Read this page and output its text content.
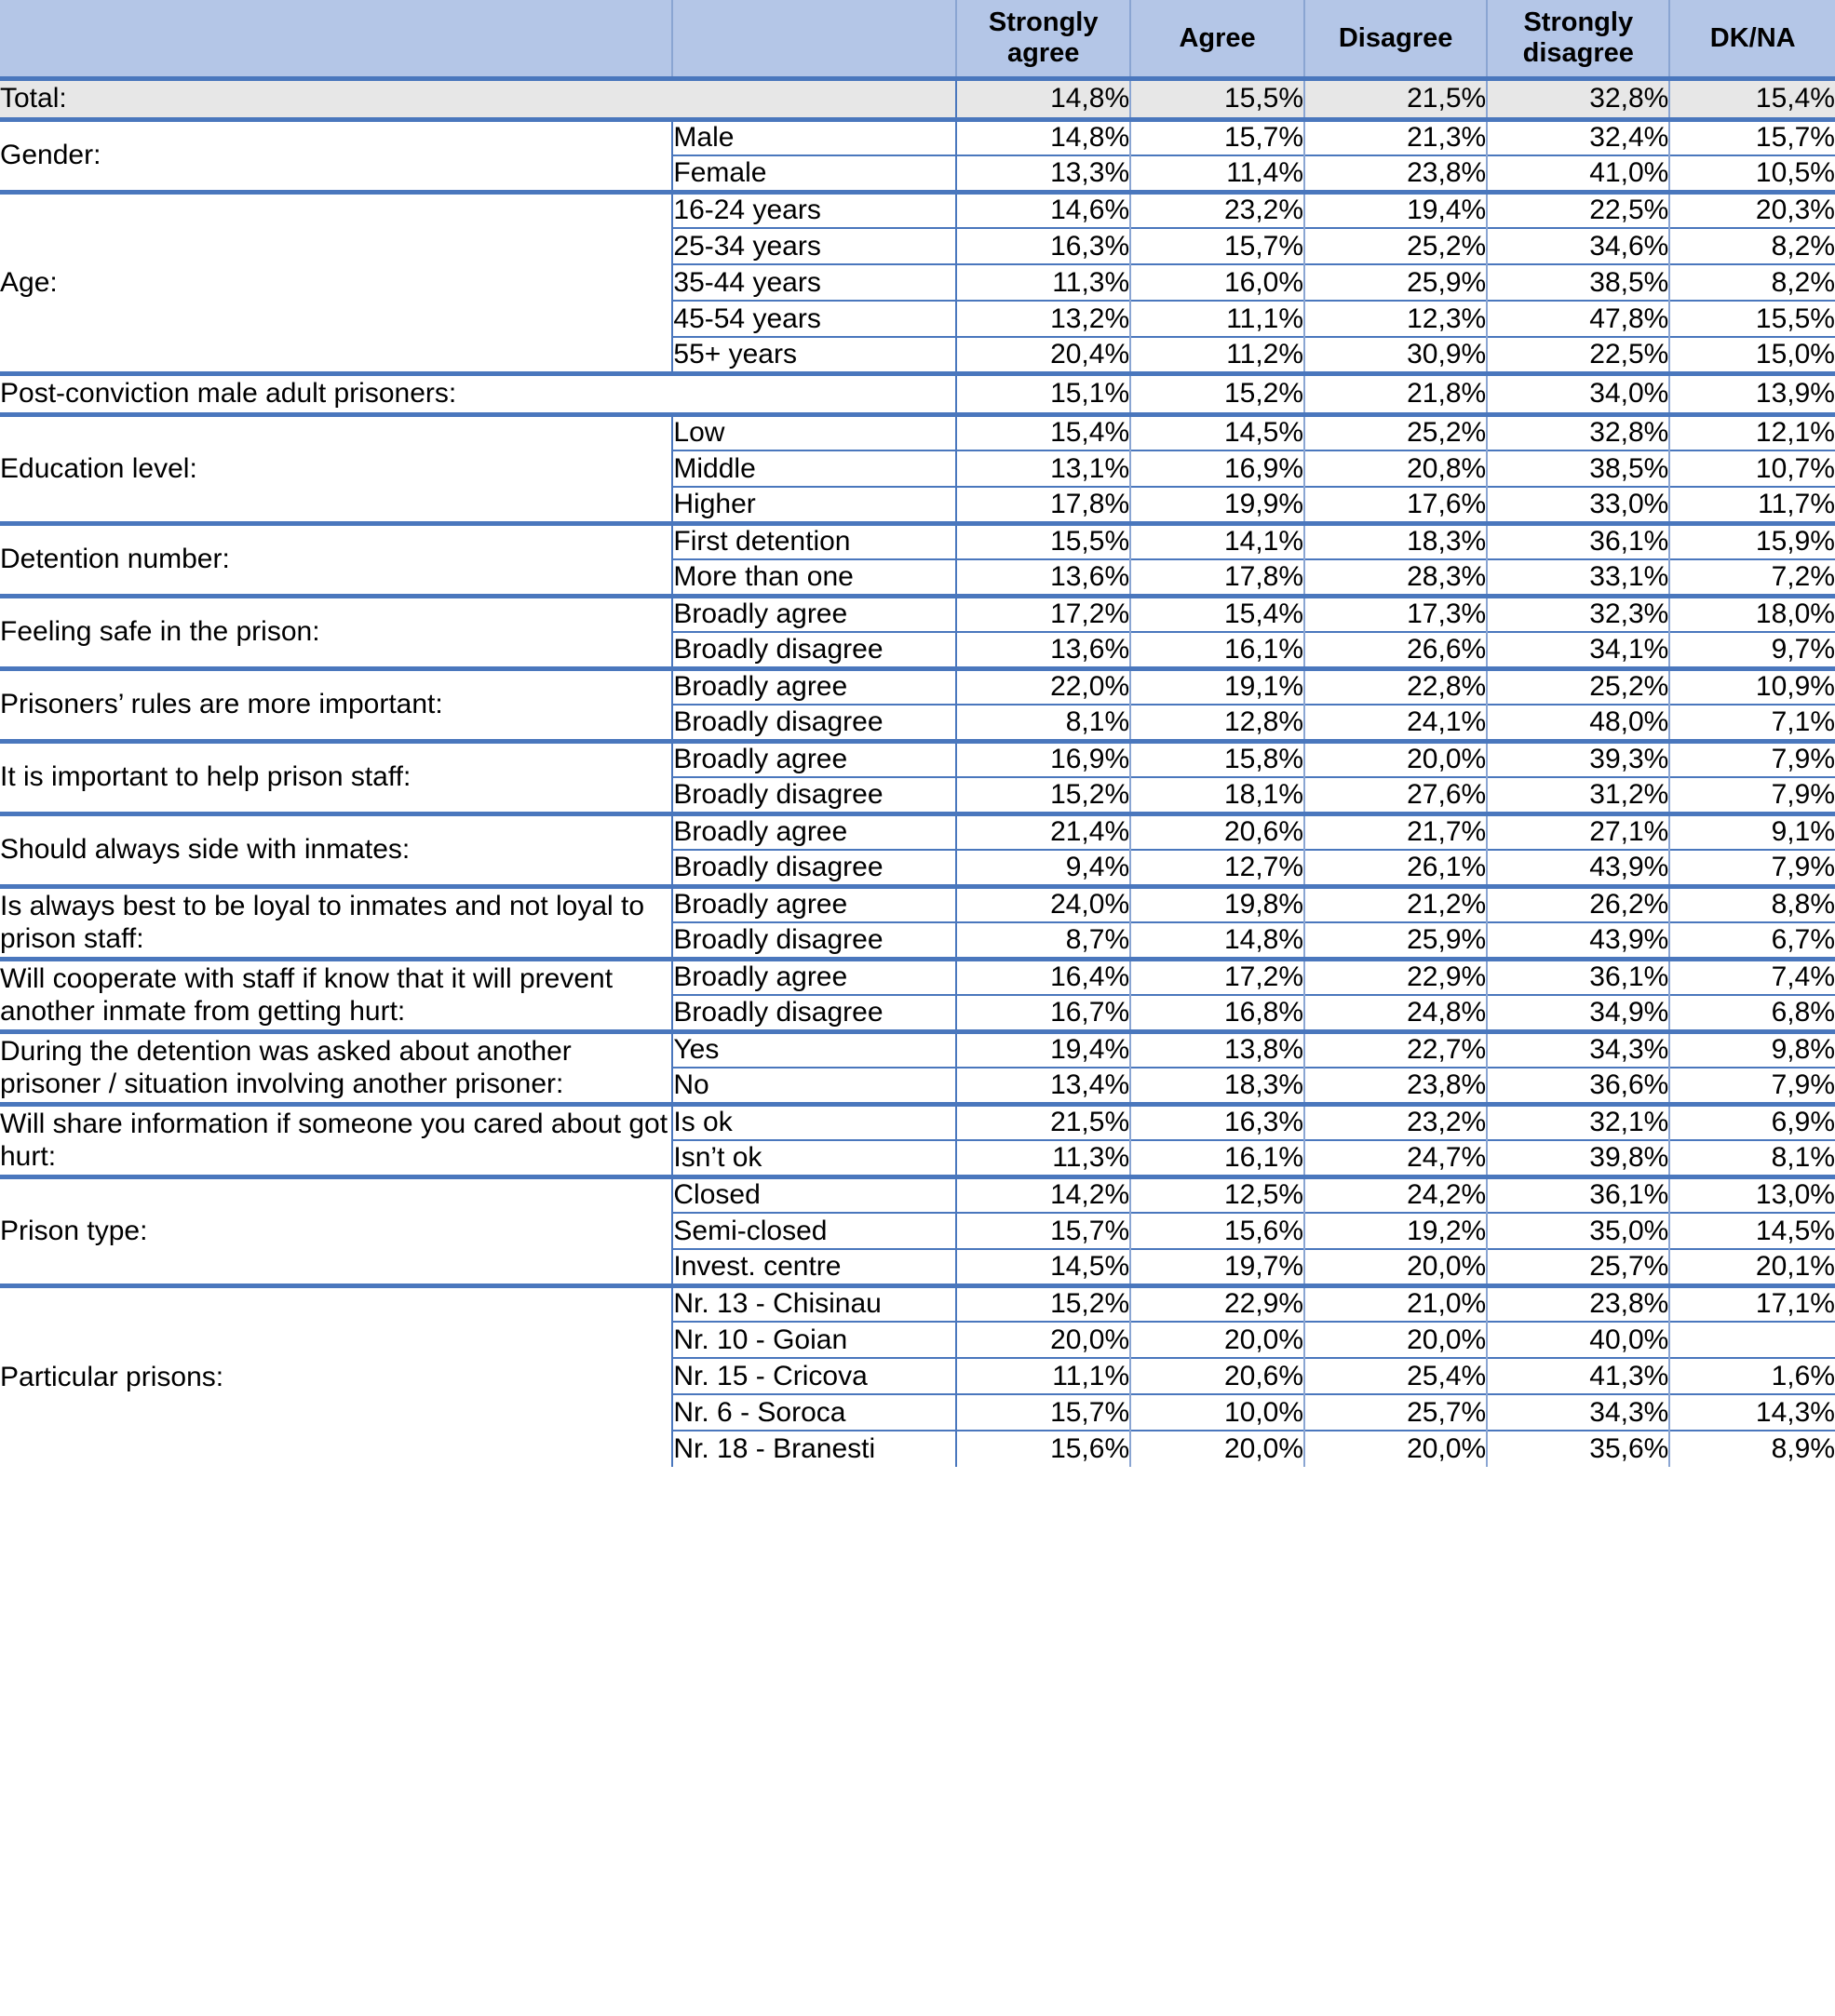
		Strongly agree	Agree	Disagree	Strongly disagree	DK/NA
Total:		14,8%	15,5%	21,5%	32,8%	15,4%
Gender:	Male	14,8%	15,7%	21,3%	32,4%	15,7%
	Female	13,3%	11,4%	23,8%	41,0%	10,5%
Age:	16-24 years	14,6%	23,2%	19,4%	22,5%	20,3%
	25-34 years	16,3%	15,7%	25,2%	34,6%	8,2%
	35-44 years	11,3%	16,0%	25,9%	38,5%	8,2%
	45-54 years	13,2%	11,1%	12,3%	47,8%	15,5%
	55+ years	20,4%	11,2%	30,9%	22,5%	15,0%
Post-conviction male adult prisoners:		15,1%	15,2%	21,8%	34,0%	13,9%
Education level:	Low	15,4%	14,5%	25,2%	32,8%	12,1%
	Middle	13,1%	16,9%	20,8%	38,5%	10,7%
	Higher	17,8%	19,9%	17,6%	33,0%	11,7%
Detention number:	First detention	15,5%	14,1%	18,3%	36,1%	15,9%
	More than one	13,6%	17,8%	28,3%	33,1%	7,2%
Feeling safe in the prison:	Broadly agree	17,2%	15,4%	17,3%	32,3%	18,0%
	Broadly disagree	13,6%	16,1%	26,6%	34,1%	9,7%
Prisoners’ rules are more important:	Broadly agree	22,0%	19,1%	22,8%	25,2%	10,9%
	Broadly disagree	8,1%	12,8%	24,1%	48,0%	7,1%
It is important to help prison staff:	Broadly agree	16,9%	15,8%	20,0%	39,3%	7,9%
	Broadly disagree	15,2%	18,1%	27,6%	31,2%	7,9%
Should always side with inmates:	Broadly agree	21,4%	20,6%	21,7%	27,1%	9,1%
	Broadly disagree	9,4%	12,7%	26,1%	43,9%	7,9%
Is always best to be loyal to inmates and not loyal to prison staff:	Broadly agree	24,0%	19,8%	21,2%	26,2%	8,8%
	Broadly disagree	8,7%	14,8%	25,9%	43,9%	6,7%
Will cooperate with staff if know that it will prevent another inmate from getting hurt:	Broadly agree	16,4%	17,2%	22,9%	36,1%	7,4%
	Broadly disagree	16,7%	16,8%	24,8%	34,9%	6,8%
During the detention was asked about another prisoner / situation involving another prisoner:	Yes	19,4%	13,8%	22,7%	34,3%	9,8%
	No	13,4%	18,3%	23,8%	36,6%	7,9%
Will share information if someone you cared about got hurt:	Is ok	21,5%	16,3%	23,2%	32,1%	6,9%
	Isn’t ok	11,3%	16,1%	24,7%	39,8%	8,1%
Prison type:	Closed	14,2%	12,5%	24,2%	36,1%	13,0%
	Semi-closed	15,7%	15,6%	19,2%	35,0%	14,5%
	Invest. centre	14,5%	19,7%	20,0%	25,7%	20,1%
Particular prisons:	Nr. 13 - Chisinau	15,2%	22,9%	21,0%	23,8%	17,1%
	Nr. 10 - Goian	20,0%	20,0%	20,0%	40,0%	
	Nr. 15 - Cricova	11,1%	20,6%	25,4%	41,3%	1,6%
	Nr. 6 - Soroca	15,7%	10,0%	25,7%	34,3%	14,3%
	Nr. 18 - Branesti	15,6%	20,0%	20,0%	35,6%	8,9%
